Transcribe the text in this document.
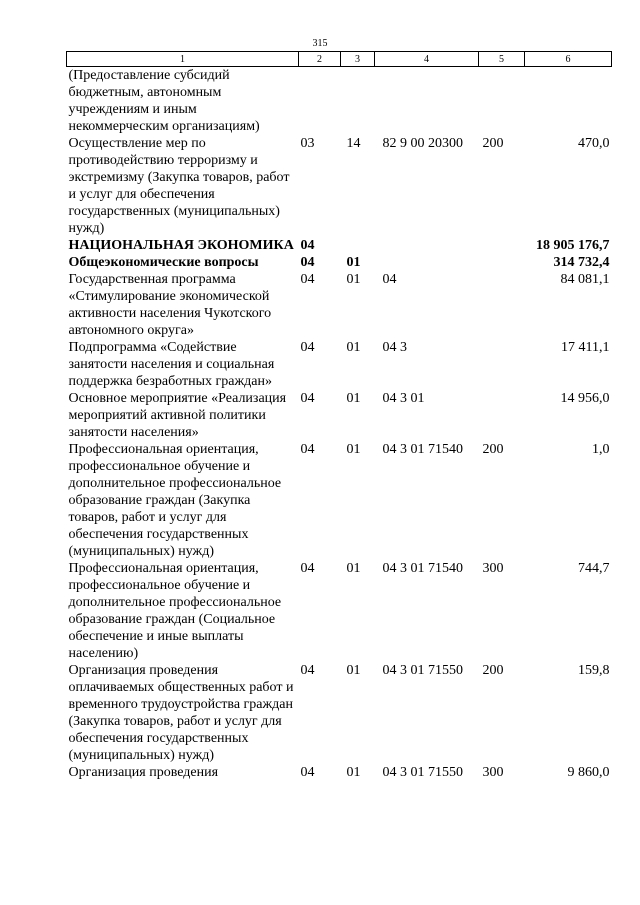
315
1	2	3	4	5	6
(Предоставление субсидий бюджетным, автономным учреждениям и иным некоммерческим организациям)					
Осуществление мер по противодействию терроризму и экстремизму (Закупка товаров, работ и услуг для обеспечения государственных (муниципальных) нужд)	03	14	82 9 00 20300	200	470,0
НАЦИОНАЛЬНАЯ ЭКОНОМИКА	04				18 905 176,7
Общеэкономические вопросы	04	01			314 732,4
Государственная программа «Стимулирование экономической активности населения Чукотского автономного округа»	04	01	04		84 081,1
Подпрограмма «Содействие занятости населения и социальная поддержка безработных граждан»	04	01	04 3		17 411,1
Основное мероприятие «Реализация мероприятий активной политики занятости населения»	04	01	04 3 01		14 956,0
Профессиональная ориентация, профессиональное обучение и дополнительное профессиональное образование граждан (Закупка товаров, работ и услуг для обеспечения государственных (муниципальных) нужд)	04	01	04 3 01 71540	200	1,0
Профессиональная ориентация, профессиональное обучение и дополнительное профессиональное образование граждан (Социальное обеспечение и иные выплаты населению)	04	01	04 3 01 71540	300	744,7
Организация проведения оплачиваемых общественных работ и временного трудоустройства граждан (Закупка товаров, работ и услуг для обеспечения государственных (муниципальных) нужд)	04	01	04 3 01 71550	200	159,8
Организация проведения	04	01	04 3 01 71550	300	9 860,0
